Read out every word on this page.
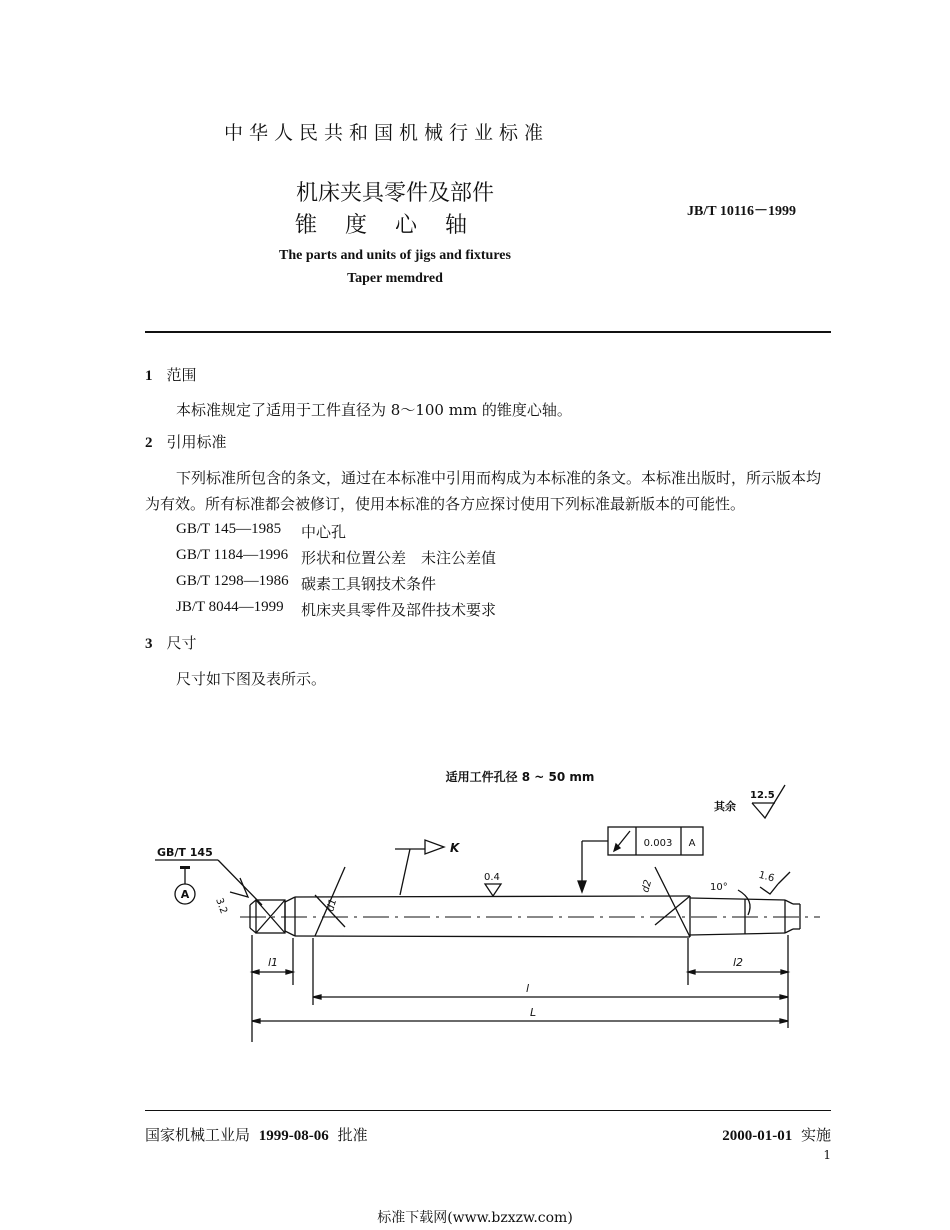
中华人民共和国机械行业标准
机床夹具零件及部件
锥度心轴
JB/T 10116－1999
The parts and units of jigs and fixtures
Taper memdred
1 范围
本标准规定了适用于工件直径为 8～100 mm 的锥度心轴。
2 引用标准
下列标准所包含的条文，通过在本标准中引用而构成为本标准的条文。本标准出版时，所示版本均为有效。所有标准都会被修订，使用本标准的各方应探讨使用下列标准最新版本的可能性。
GB/T 145—1985 中心孔
GB/T 1184—1996 形状和位置公差　未注公差值
GB/T 1298—1986 碳素工具钢技术条件
JB/T 8044—1999 机床夹具零件及部件技术要求
3 尺寸
尺寸如下图及表所示。
适用工件孔径 8 ~ 50 mm
其余
12.5
GB/T 145
A
3.2
K
0.4
0.003 A
10°
1.6
d1
d2
l1	l2
l
L
国家机械工业局 1999-08-06 批准	2000-01-01 实施
1
标准下载网(www.bzxzw.com)
